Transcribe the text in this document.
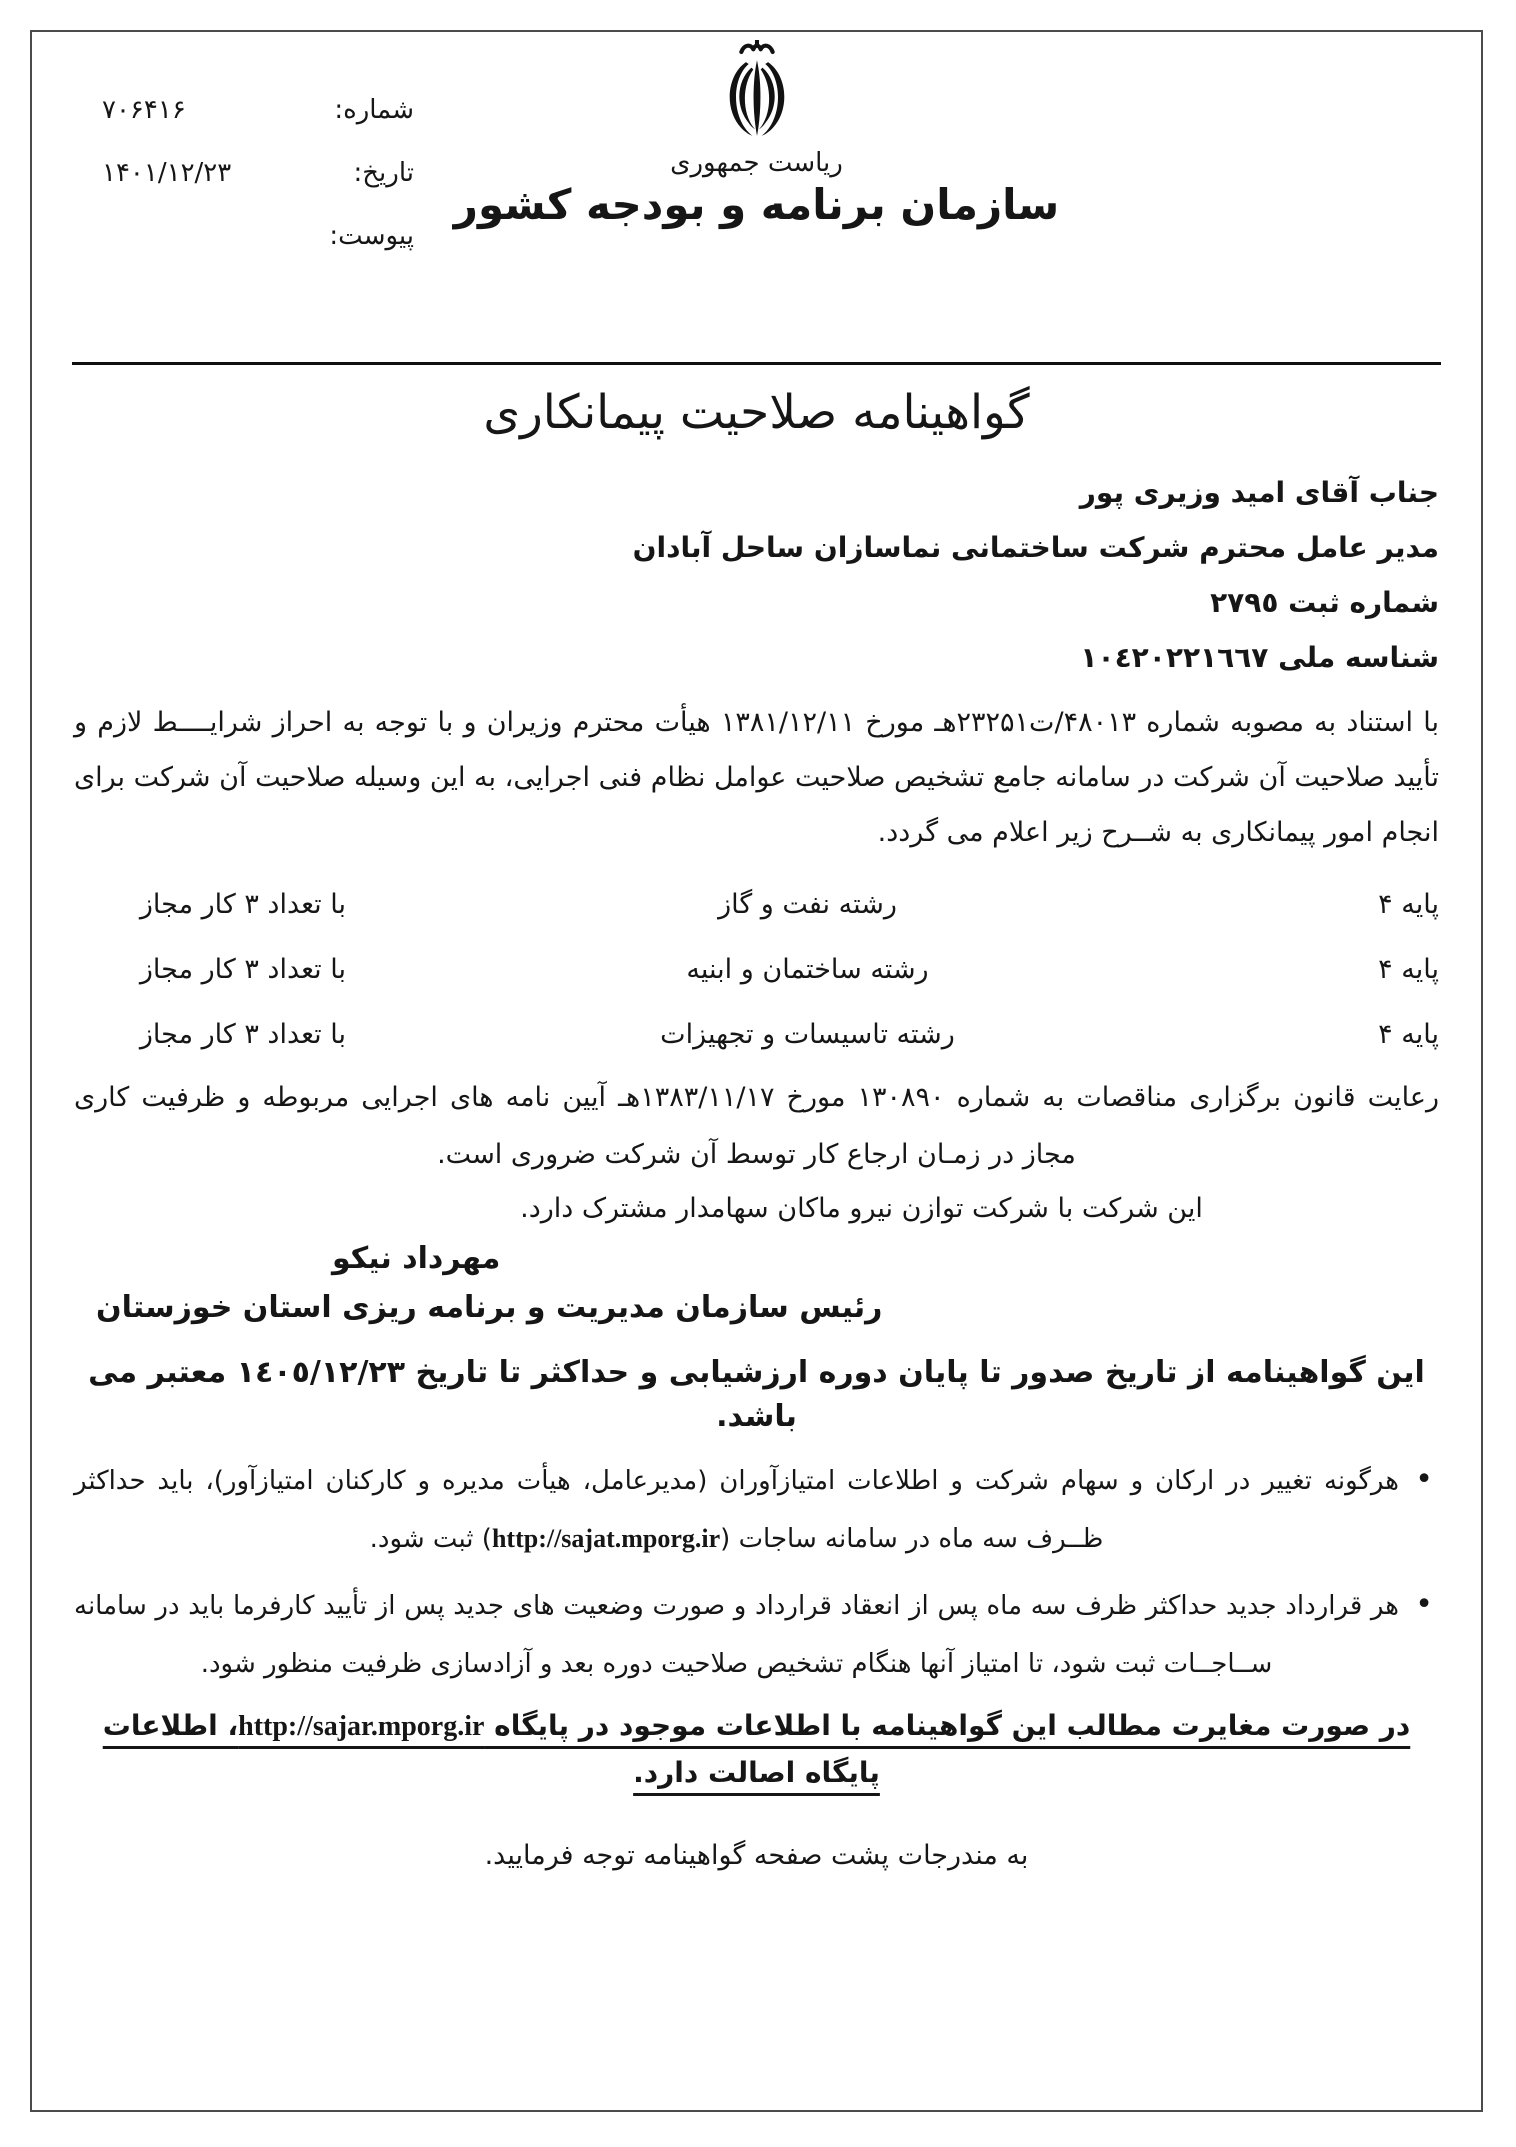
شماره:
۷۰۶۴۱۶
تاریخ:
۱۴۰۱/۱۲/۲۳
پیوست:
ریاست جمهوری
سازمان برنامه و بودجه کشور
گواهینامه صلاحیت پیمانکاری
جناب آقای امید وزیری پور
مدیر عامل محترم شرکت ساختمانی نماسازان ساحل آبادان
شماره ثبت ٢٧٩٥
شناسه ملی ١٠٤٢٠٢٢١٦٦٧

با استناد به مصوبه شماره ۴۸۰۱۳/ت۲۳۲۵۱هـ مورخ ۱۳۸۱/۱۲/۱۱ هیأت محترم وزیران و با توجه به احراز شرایــــط لازم و تأیید صلاحیت آن شرکت در سامانه جامع تشخیص صلاحیت عوامل نظام فنی اجرایی، به این وسیله صلاحیت آن شرکت برای انجام امور پیمانکاری به شــرح زیر اعلام می گردد.

پایه ۴
رشته نفت و گاز
با تعداد ۳ کار مجاز
پایه ۴
رشته ساختمان و ابنیه
با تعداد ۳ کار مجاز
پایه ۴
رشته تاسیسات و تجهیزات
با تعداد ۳ کار مجاز

رعایت قانون برگزاری مناقصات به شماره ۱۳۰۸۹۰ مورخ ۱۳۸۳/۱۱/۱۷هـ آیین نامه های اجرایی مربوطه و ظرفیت کاری مجاز در زمـان ارجاع کار توسط آن شرکت ضروری است.

این شرکت با شرکت توازن نیرو ماکان سهامدار مشترک دارد.

مهرداد نیکو
رئیس سازمان مدیریت و برنامه ریزی استان خوزستان

این گواهینامه از تاریخ صدور تا پایان دوره ارزشیابی و حداکثر تا تاریخ ١٤٠٥/١٢/٢٣ معتبر می باشد.

•
هرگونه تغییر در ارکان و سهام شرکت و اطلاعات امتیازآوران (مدیرعامل، هیأت مدیره و کارکنان امتیازآور)، باید حداکثر ظــرف سه ماه در سامانه ساجات (http://sajat.mporg.ir) ثبت شود.
•
هر قرارداد جدید حداکثر ظرف سه ماه پس از انعقاد قرارداد و صورت وضعیت های جدید پس از تأیید کارفرما باید در سامانه ســاجــات ثبت شود، تا امتیاز آنها هنگام تشخیص صلاحیت دوره بعد و آزادسازی ظرفیت منظور شود.

در صورت مغایرت مطالب این گواهینامه با اطلاعات موجود در پایگاه http://sajar.mporg.ir، اطلاعات پایگاه اصالت دارد.

به مندرجات پشت صفحه گواهینامه توجه فرمایید.
